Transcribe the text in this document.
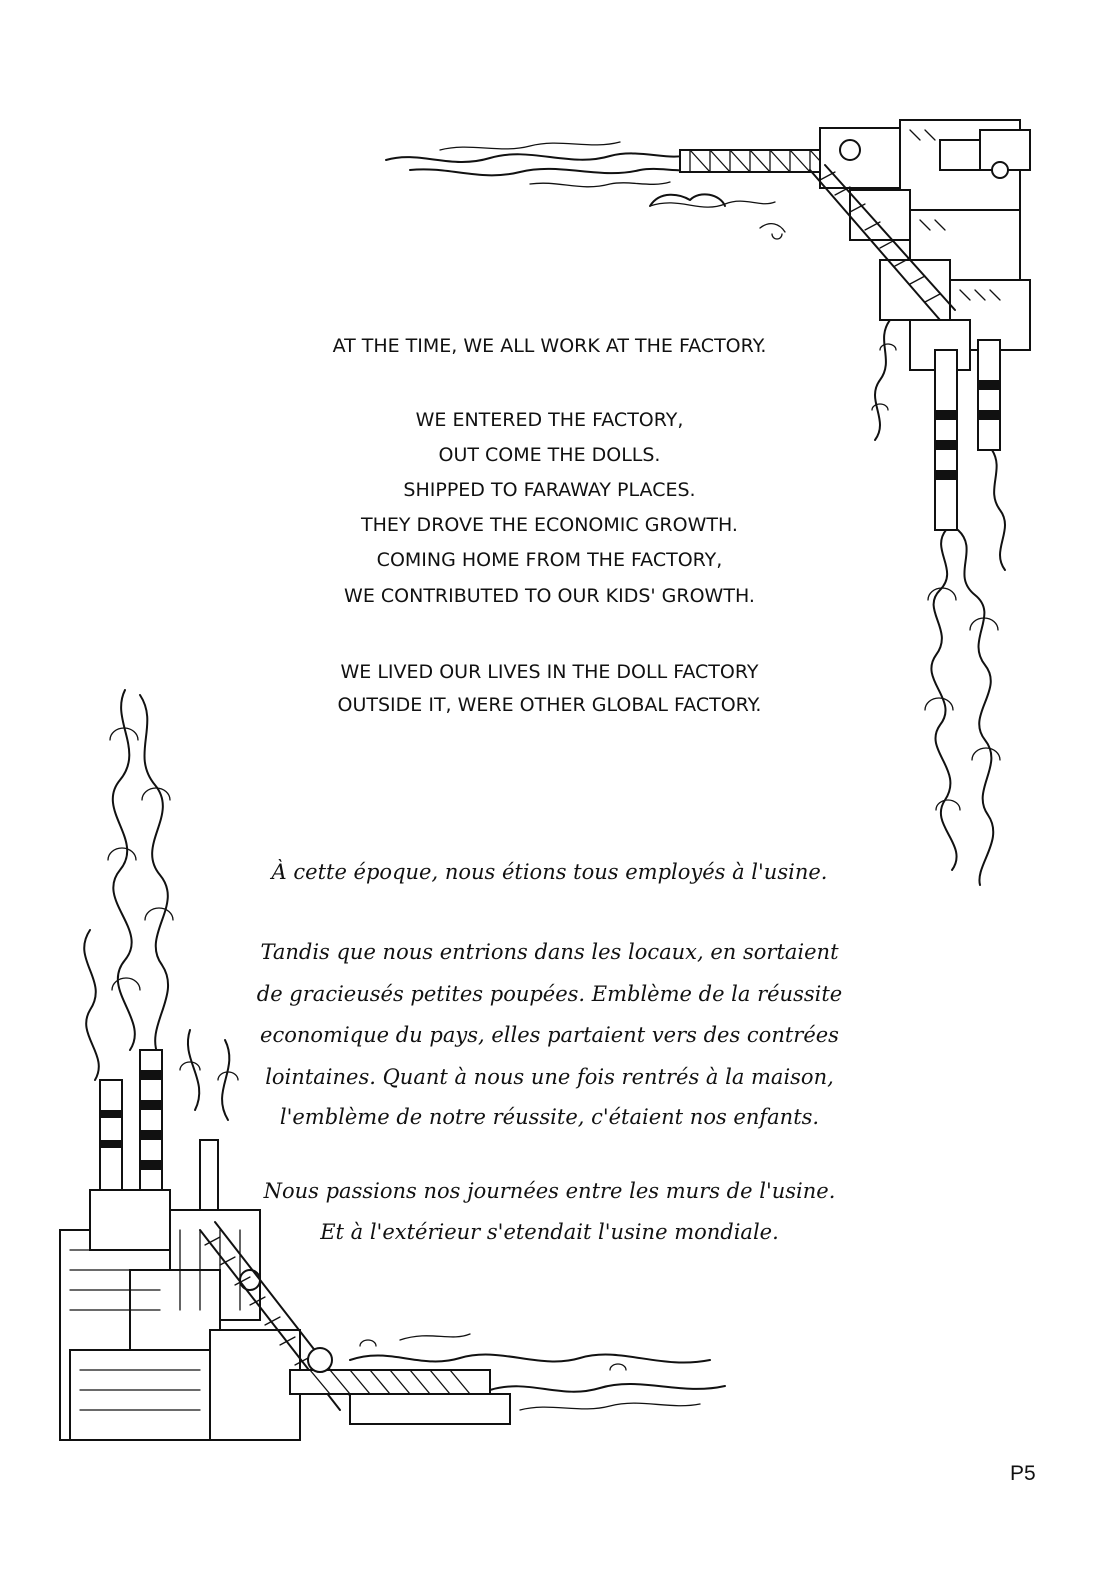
AT THE TIME, WE ALL WORK AT THE FACTORY.

WE ENTERED THE FACTORY,

OUT COME THE DOLLS.

SHIPPED TO FARAWAY PLACES.

THEY DROVE THE ECONOMIC GROWTH.

COMING HOME FROM THE FACTORY,

WE CONTRIBUTED TO OUR KIDS' GROWTH.

WE LIVED OUR LIVES IN THE DOLL FACTORY

OUTSIDE IT, WERE OTHER GLOBAL FACTORY.

À cette époque, nous étions tous employés à l'usine.

Tandis que nous entrions dans les locaux, en sortaient

de gracieusés petites poupées. Emblème de la réussite

economique du pays, elles partaient vers des contrées

lointaines. Quant à nous une fois rentrés à la maison,

l'emblème de notre réussite, c'étaient nos enfants.

Nous passions nos journées entre les murs de l'usine.

Et à l'extérieur s'etendait l'usine mondiale.

P5
